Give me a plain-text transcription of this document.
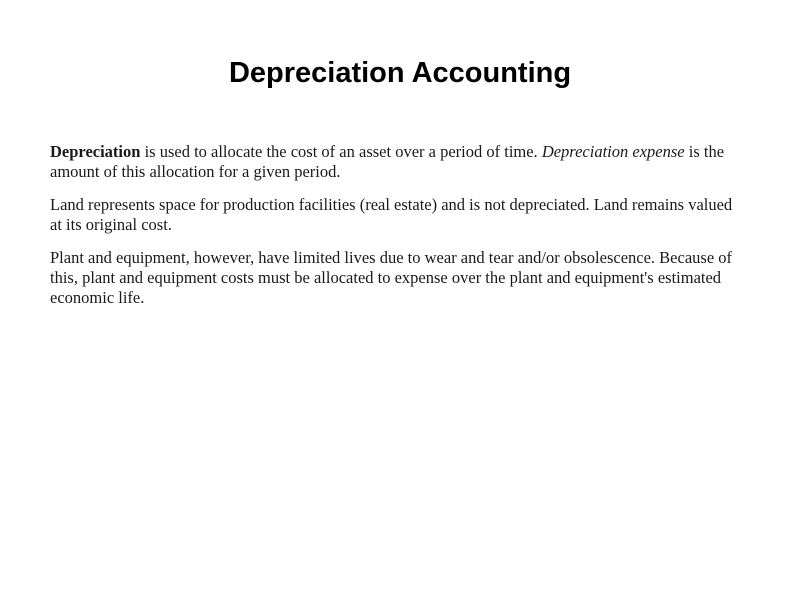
Depreciation Accounting

Depreciation is used to allocate the cost of an asset over a period of time. Depreciation expense is the amount of this allocation for a given period.

Land represents space for production facilities (real estate) and is not depreciated. Land remains valued at its original cost.

Plant and equipment, however, have limited lives due to wear and tear and/or obsolescence. Because of this, plant and equipment costs must be allocated to expense over the plant and equipment's estimated economic life.
